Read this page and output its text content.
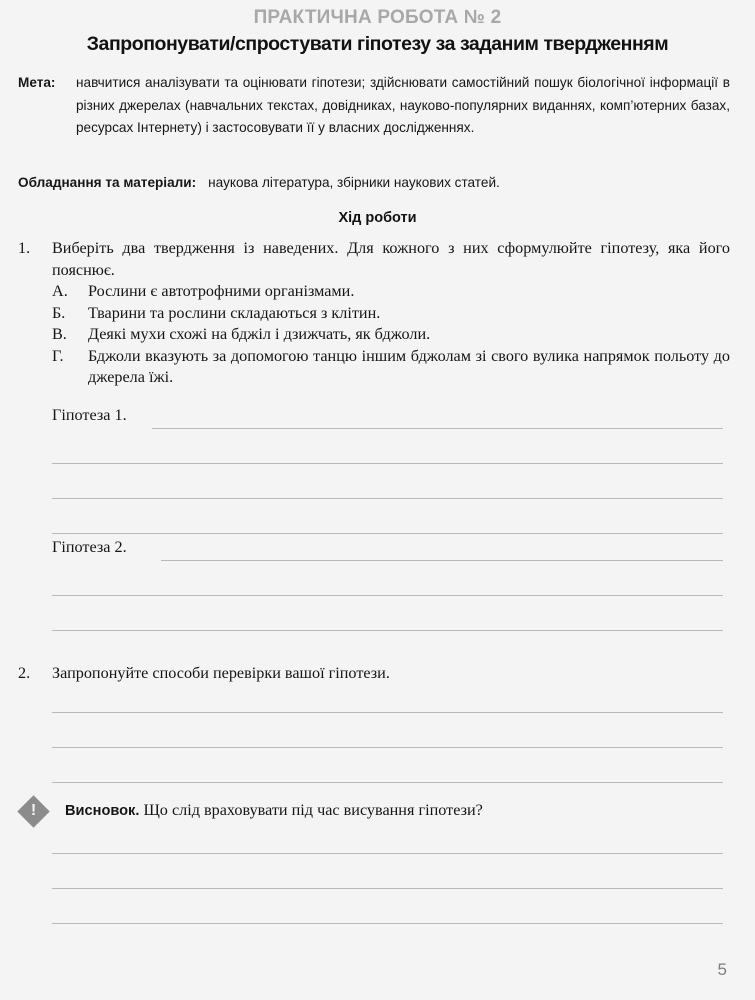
ПРАКТИЧНА РОБОТА № 2
Запропонувати/спростувати гіпотезу за заданим твердженням
Мета: навчитися аналізувати та оцінювати гіпотези; здійснювати самостійний пошук біологічної інформації в різних джерелах (навчальних текстах, довідниках, науково-популярних виданнях, комп’ютерних базах, ресурсах Інтернету) і застосовувати її у власних дослідженнях.
Обладнання та матеріали: наукова література, збірники наукових статей.
Хід роботи
1. Виберіть два твердження із наведених. Для кожного з них сформулюйте гіпотезу, яка його пояснює.
А. Рослини є автотрофними організмами.
Б. Тварини та рослини складаються з клітин.
В. Деякі мухи схожі на бджіл і дзижчать, як бджоли.
Г. Бджоли вказують за допомогою танцю іншим бджолам зі свого вулика напрямок польоту до джерела їжі.
Гіпотеза 1.
Гіпотеза 2.
2. Запропонуйте способи перевірки вашої гіпотези.
!	Висновок. Що слід враховувати під час висування гіпотези?
5
